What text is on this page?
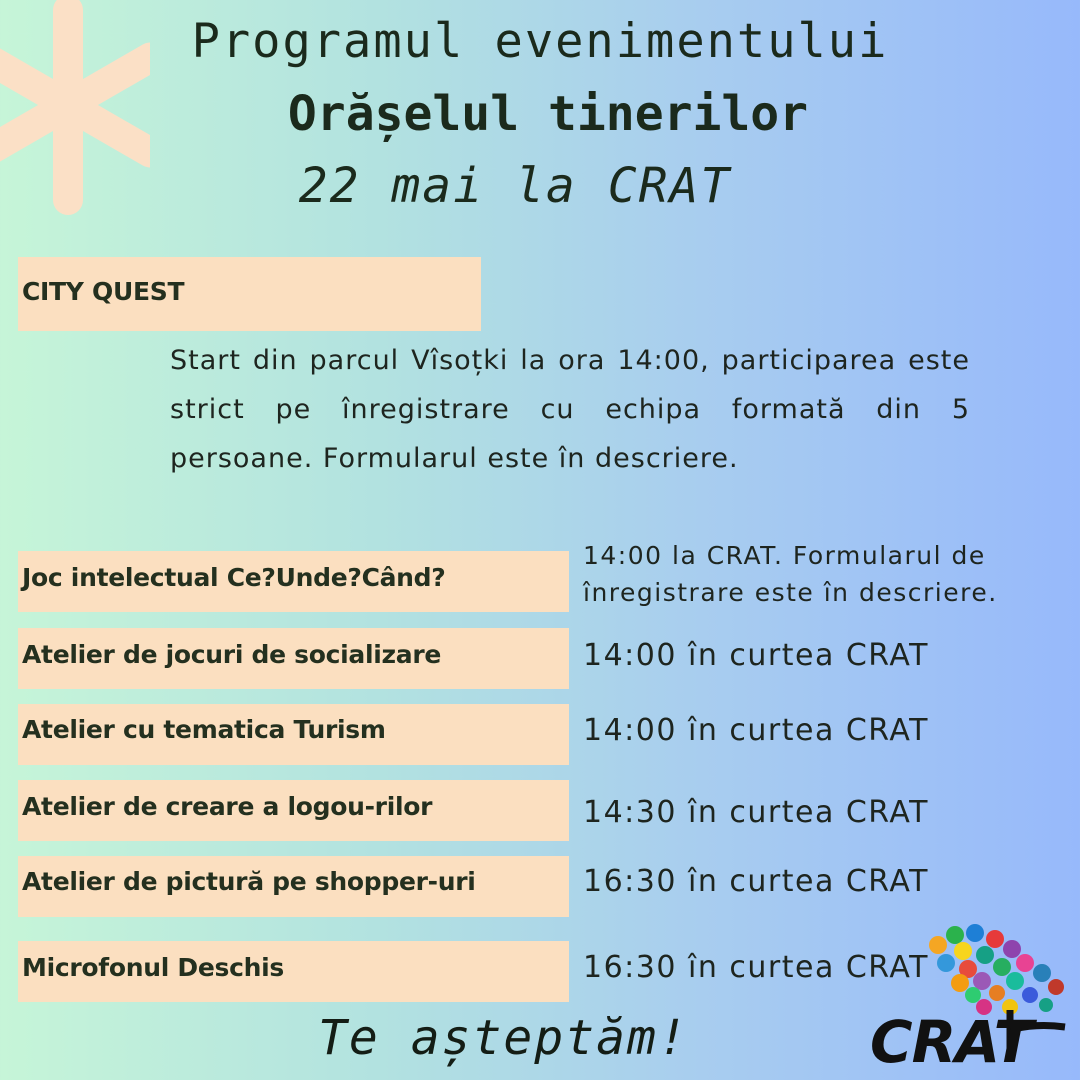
Programul evenimentului
Orășelul tinerilor
22 mai la CRAT
CITY QUEST
Start din parcul Vîsoțki la ora 14:00, participarea este strict pe înregistrare cu echipa formată din 5 persoane. Formularul este în descriere.
Joc intelectual Ce?Unde?Când?
14:00 la CRAT. Formularul de înregistrare este în descriere.
Atelier de jocuri de socializare	14:00 în curtea CRAT
Atelier cu tematica Turism	14:00 în curtea CRAT
Atelier de creare a logou-rilor	14:30 în curtea CRAT
Atelier de pictură pe shopper-uri	16:30 în curtea CRAT
Microfonul Deschis	16:30 în curtea CRAT
Te așteptăm!	CRAT
